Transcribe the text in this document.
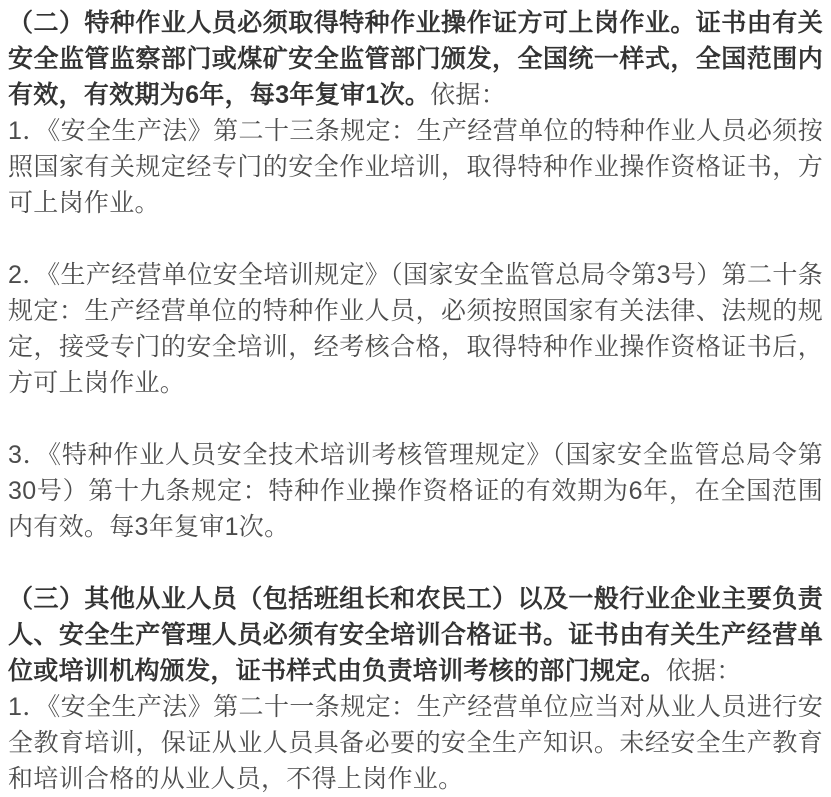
（二）特种作业人员必须取得特种作业操作证方可上岗作业。证书由有关安全监管监察部门或煤矿安全监管部门颁发，全国统一样式，全国范围内有效，有效期为6年，每3年复审1次。依据：

1．《安全生产法》第二十三条规定：生产经营单位的特种作业人员必须按照国家有关规定经专门的安全作业培训，取得特种作业操作资格证书，方可上岗作业。

2．《生产经营单位安全培训规定》（国家安全监管总局令第3号）第二十条规定：生产经营单位的特种作业人员，必须按照国家有关法律、法规的规定，接受专门的安全培训，经考核合格，取得特种作业操作资格证书后，方可上岗作业。

3．《特种作业人员安全技术培训考核管理规定》（国家安全监管总局令第30号）第十九条规定：特种作业操作资格证的有效期为6年，在全国范围内有效。每3年复审1次。

（三）其他从业人员（包括班组长和农民工）以及一般行业企业主要负责人、安全生产管理人员必须有安全培训合格证书。证书由有关生产经营单位或培训机构颁发，证书样式由负责培训考核的部门规定。依据：

1．《安全生产法》第二十一条规定：生产经营单位应当对从业人员进行安全教育培训，保证从业人员具备必要的安全生产知识。未经安全生产教育和培训合格的从业人员，不得上岗作业。
